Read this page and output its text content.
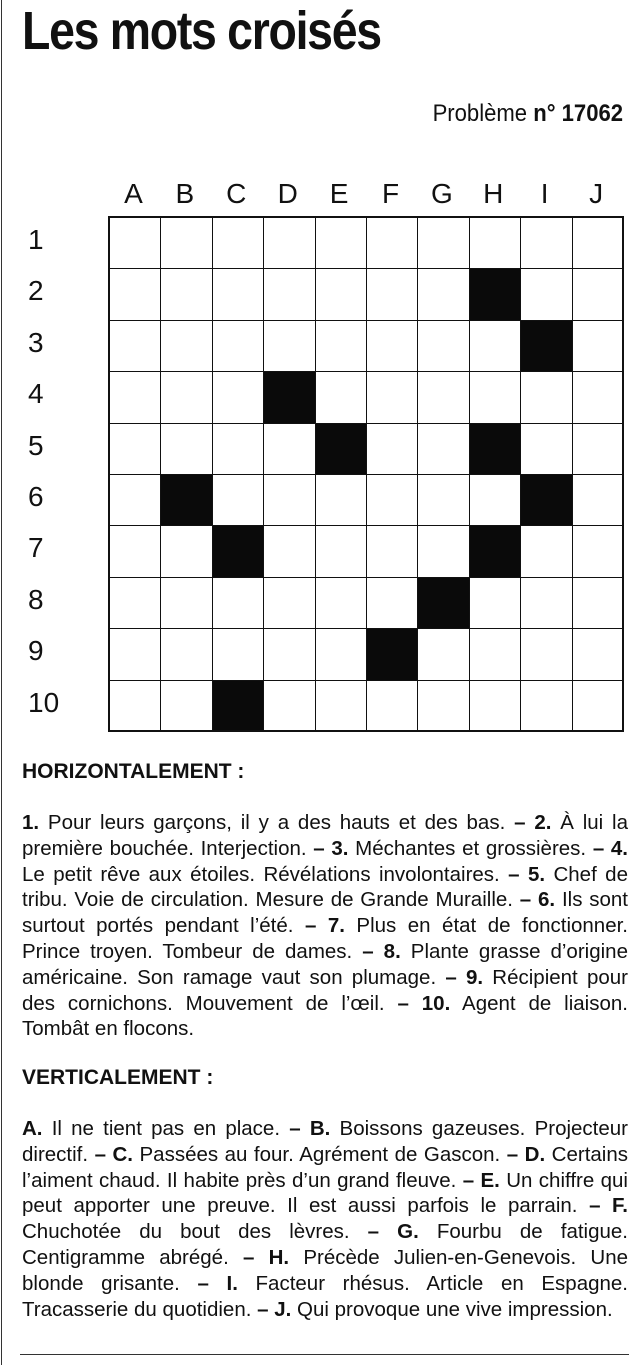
Les mots croisés
Problème n° 17062
A	B	C	D	E	F	G	H	I	J
1
2
3
4
5
6
7
8
9
10
HORIZONTALEMENT :
1. Pour leurs garçons, il y a des hauts et des bas. – 2. À lui la première bouchée. Interjection. – 3. Méchantes et grossières. – 4. Le petit rêve aux étoiles. Révélations involontaires. – 5. Chef de tribu. Voie de circulation. Mesure de Grande Muraille. – 6. Ils sont surtout portés pendant l’été. – 7. Plus en état de fonctionner. Prince troyen. Tombeur de dames. – 8. Plante grasse d’origine américaine. Son ramage vaut son plumage. – 9. Récipient pour des cornichons. Mouvement de l’œil. – 10. Agent de liaison. Tombât en flocons.
VERTICALEMENT :
A. Il ne tient pas en place. – B. Boissons gazeuses. Projecteur directif. – C. Passées au four. Agrément de Gascon. – D. Certains l’aiment chaud. Il habite près d’un grand fleuve. – E. Un chiffre qui peut apporter une preuve. Il est aussi parfois le parrain. – F. Chuchotée du bout des lèvres. – G. Fourbu de fatigue. Centigramme abrégé. – H. Précède Julien-en-Genevois. Une blonde grisante. – I. Facteur rhésus. Article en Espagne. Tracasserie du quotidien. – J. Qui provoque une vive impression.
